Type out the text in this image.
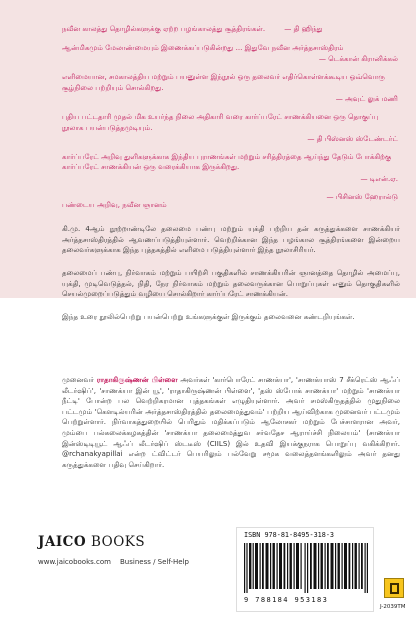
நவீன காலத்து தொழில்களுக்கு ஏற்ற பழங்காலத்து சூத்திரங்கள்.	— தி ஹிந்து
ஆன்மிகமும் மேலாண்மையும் இணைக்கப்படுகின்றது ... இதுவே நவீன அர்த்தசாஸ்திரம்
— டெக்கான் கிரானிக்கல்
எளிமையான, சமகாலத்திய மற்றும் பயனுள்ள இந்நூல் ஒரு தலைவர் எதிர்கொள்ளக்கூடிய ஒவ்வொரு சூழ்நிலை பற்றியும் சொல்கிறது.
— அவுட் லுக் மணி
புதிய பட்டதாரி முதல் மிக உயர்ந்த நிலை அதிகாரி வரை கார்ப்பரேட் சாணக்கியனை ஒரு தொகுப்பு நூலாக பயன்படுத்தமுடியும்.
— தி பிஸ்னஸ் ஸ்டேண்டர்ட்
கார்ப்பரேட் அறிவு துளிகளுக்காக இந்திய புராணங்கள் மற்றும் சரித்திரத்தை ஆய்ந்து தேடும் போக்கிற்கு கார்ப்பரேட் சாணக்கியன் ஒரு வரைக்கியாக இருக்கிறது.
— டிஎன்.ஏ.
பண்டைய அறிவு, நவீன ஞானம்
— பிசினஸ் ஹேரால்டு

கி.மு. 4ஆம் நூற்றாண்டிலே தலைமை பண்பு மற்றும் யுக்தி பற்றிய தன் கருத்துக்களை சாணக்கியர் அர்த்தசாஸ்திரத்தில் ஆவணப்படுத்தியுள்ளார். வெற்றிக்கான இந்த பழங்கால சூத்திரங்களை இன்றைய தலைவர்களுக்காக இந்த புத்தகத்தில் எளிமை படுத்தியுள்ளார் இந்த நூலாசிரியர்.

தலைமைப் பண்பு, நிர்வாகம் மற்றும் பயிற்சி பகுதிகளில் சாணக்கியரின் ஞானத்தை தொழில் அமைப்பு, யுக்தி, முடிவெடுத்தல், நிதி, நேர நிர்வாகம் மற்றும் தலைவருக்கான பொறுப்புகள் எனும் தொகுதிகளில் செயல்முறைப்படுத்தும் வழியை சொல்கிறார் கார்ப்பரேட் சாணக்கியன்.

இந்த உரை நூலில்பெற்று பயன்பெற்று உங்களுக்குள் இருக்கும் தலைவனை கண்டறியுங்கள்.

முனைவர் ராதாகிருஷ்ணன் பிள்ளை அவர்கள் 'கார்பொரேட் சாணக்யா', 'சாணக்யாஸ் 7 சீக்ரெட்ஸ் ஆஃப் லீடர்ஷிப்', 'சாணக்யா இன் யூ', 'ராதாகிருஷ்ணன் பிள்ளை', 'தஸ் ஸ்போக் சாணக்யா' மற்றும் 'சாணக்யா நீட்டி' போன்ற பல வெற்றிகரமான புத்தகங்கள் எழுதியுள்ளார். அவர் சமஸ்கிருதத்தில் முதுநிலை பட்டமும் 'கௌடில்யரின் அர்த்தசாஸ்திரத்தில் தலைமைத்துவம்' பற்றிய ஆய்விற்காக முனைவர் பட்டமும் பெற்றுள்ளார். நிர்வாகத்துறையில் பெரிதும் மதிக்கப்படும் ஆலோசகர் மற்றும் பேச்சாளரான அவர், மும்பை பல்கலைக்கழகத்தின் 'சாணக்யா தலைமைத்துவ சர்வதேச ஆராய்ச்சி நிலையம்' (சாணக்யா இன்ஸ்டிடியூட் ஆஃப் லீடர்ஷிப் ஸ்டடீஸ் (CIILS) இல் உதவி இயக்குநராக பொறுப்பு வகிக்கிறார். @rchanakyapillai என்ற ட்விட்டர் பெயரிலும் பல்வேறு சமூக வலைத்தளங்களிலும் அவர் தனது கருத்துக்களை பதிவு செய்கிறார்.

JAICO BOOKS
www.jaicobooks.com Business / Self-Help
ISBN 978-81-8495-318-3
9 788184 953183
J-2039TM
